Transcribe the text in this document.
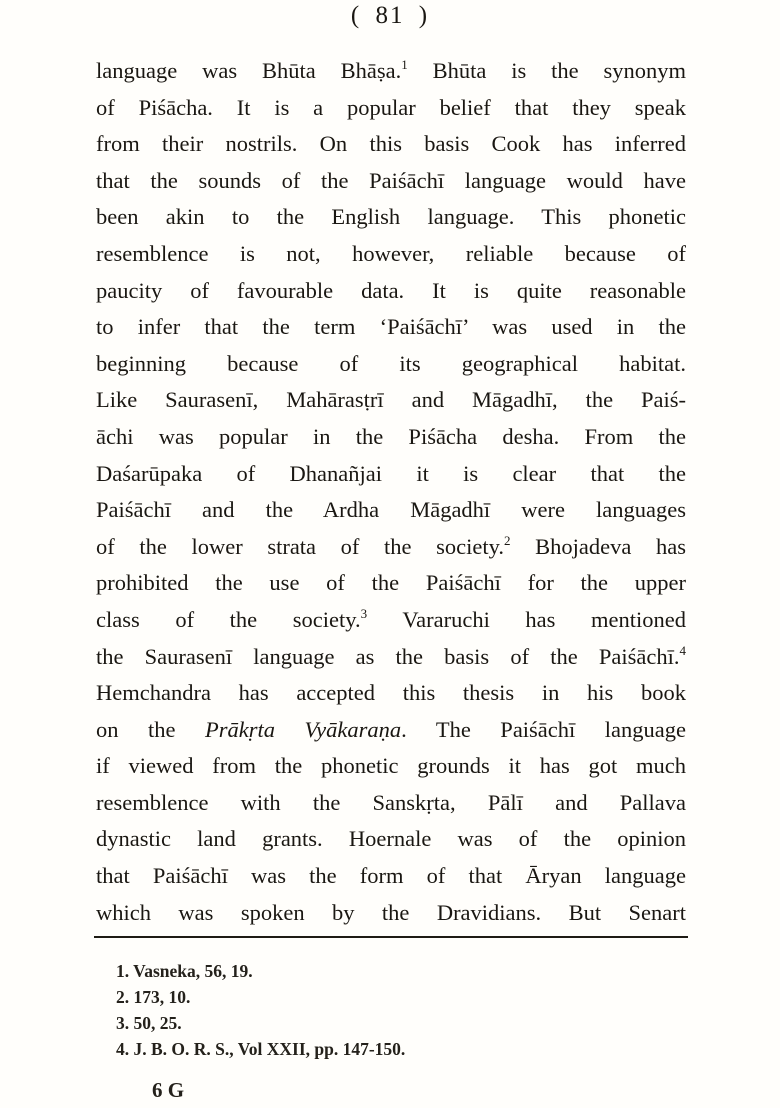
( 81 )
language was Bhūta Bhāṣa.$^1$ Bhūta is the synonym
of Piśācha. It is a popular belief that they speak
from their nostrils. On this basis Cook has inferred
that the sounds of the Paiśāchī language would have
been akin to the English language. This phonetic
resemblence is not, however, reliable because of
paucity of favourable data. It is quite reasonable
to infer that the term ‘Paiśāchī’ was used in the
beginning because of its geographical habitat.
Like Saurasenī, Mahārasṭrī and Māgadhī, the Paiś-
āchi was popular in the Piśācha desha. From the
Daśarūpaka of Dhanañjai it is clear that the
Paiśāchī and the Ardha Māgadhī were languages
of the lower strata of the society.$^2$ Bhojadeva has
prohibited the use of the Paiśāchī for the upper
class of the society.$^3$ Vararuchi has mentioned
the Saurasenī language as the basis of the Paiśāchī.$^4$
Hemchandra has accepted this thesis in his book
on the Prākṛta Vyākaraṇa. The Paiśāchī language
if viewed from the phonetic grounds it has got much
resemblence with the Sanskṛta, Pālī and Pallava
dynastic land grants. Hoernale was of the opinion
that Paiśāchī was the form of that Āryan language
which was spoken by the Dravidians. But Senart
1. Vasneka, 56, 19.
2. 173, 10.
3. 50, 25.
4. J. B. O. R. S., Vol XXII, pp. 147-150.
6 G
